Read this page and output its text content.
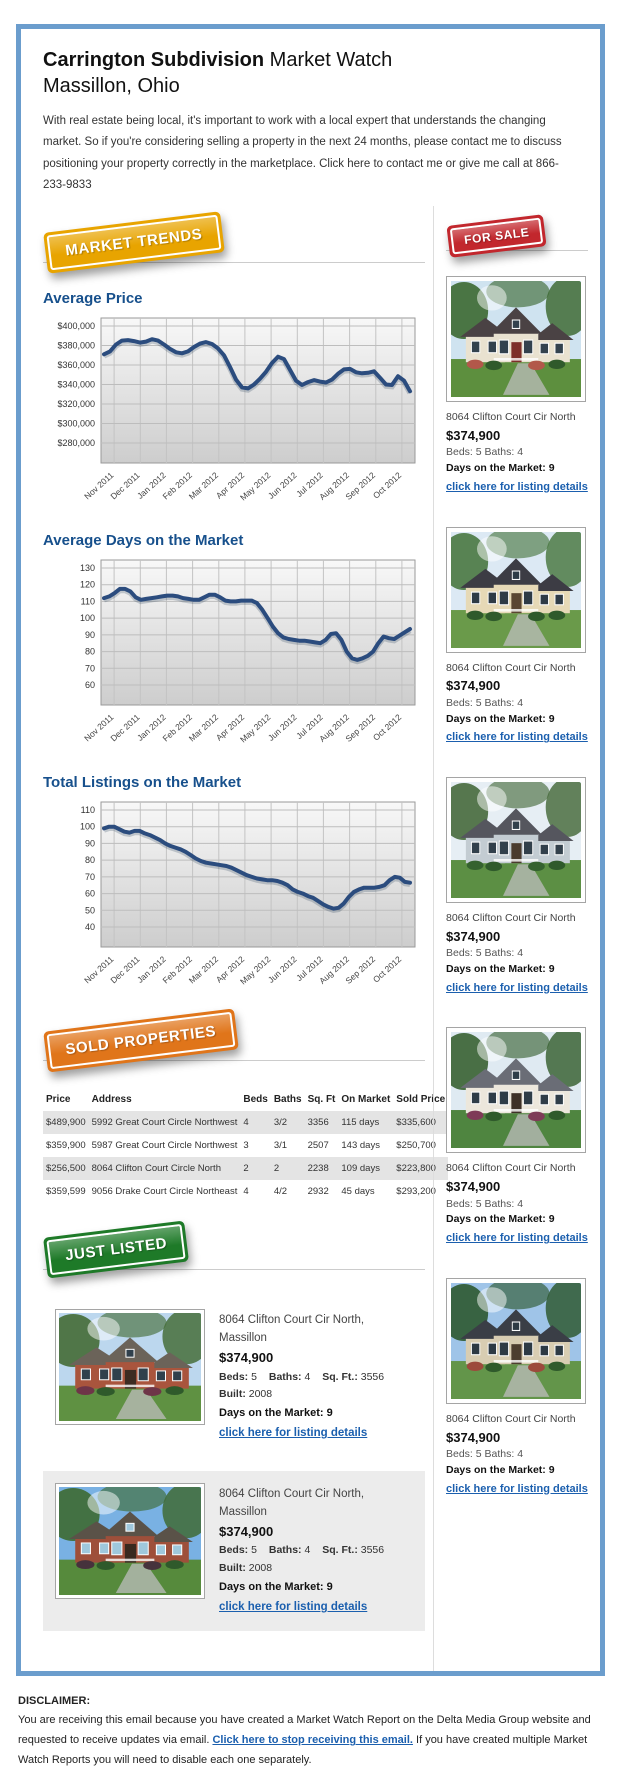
Carrington Subdivision Market Watch
Massillon, Ohio

With real estate being local, it's important to work with a local expert that understands the changing market. So if you're considering selling a property in the next 24 months, please contact me to discuss positioning your property correctly in the marketplace. Click here to contact me or give me call at 866-233-9833

MARKET TRENDS
Average Price
Nov 2011
Dec 2011
Jan 2012
Feb 2012
Mar 2012
Apr 2012
May 2012
Jun 2012
Jul 2012
Aug 2012
Sep 2012
Oct 2012
$400,000
$380,000
$360,000
$340,000
$320,000
$300,000
$280,000
Average Days on the Market
Nov 2011
Dec 2011
Jan 2012
Feb 2012
Mar 2012
Apr 2012
May 2012
Jun 2012
Jul 2012
Aug 2012
Sep 2012
Oct 2012
130
120
110
100
90
80
70
60
Total Listings on the Market
Nov 2011
Dec 2011
Jan 2012
Feb 2012
Mar 2012
Apr 2012
May 2012
Jun 2012
Jul 2012
Aug 2012
Sep 2012
Oct 2012
110
100
90
80
70
60
50
40
SOLD PROPERTIES
Price	Address	Beds	Baths	Sq. Ft	On Market	Sold Price
$489,900	5992 Great Court Circle Northwest	4	3/2	3356	115 days	$335,600
$359,900	5987 Great Court Circle Northwest	3	3/1	2507	143 days	$250,700
$256,500	8064 Clifton Court Circle North	2	2	2238	109 days	$223,800
$359,599	9056 Drake Court Circle Northeast	4	4/2	2932	45 days	$293,200
JUST LISTED
8064 Clifton Court Cir North, Massillon
$374,900
Beds: 5 Baths: 4 Sq. Ft.: 3556 Built: 2008
Days on the Market: 9
click here for listing details
8064 Clifton Court Cir North, Massillon
$374,900
Beds: 5 Baths: 4 Sq. Ft.: 3556 Built: 2008
Days on the Market: 9
click here for listing details
FOR SALE
8064 Clifton Court Cir North
$374,900
Beds: 5 Baths: 4
Days on the Market: 9
click here for listing details
8064 Clifton Court Cir North
$374,900
Beds: 5 Baths: 4
Days on the Market: 9
click here for listing details
8064 Clifton Court Cir North
$374,900
Beds: 5 Baths: 4
Days on the Market: 9
click here for listing details
8064 Clifton Court Cir North
$374,900
Beds: 5 Baths: 4
Days on the Market: 9
click here for listing details
8064 Clifton Court Cir North
$374,900
Beds: 5 Baths: 4
Days on the Market: 9
click here for listing details
DISCLAIMER:
You are receiving this email because you have created a Market Watch Report on the Delta Media Group website and requested to receive updates via email. Click here to stop receiving this email. If you have created multiple Market Watch Reports you will need to disable each one separately.
